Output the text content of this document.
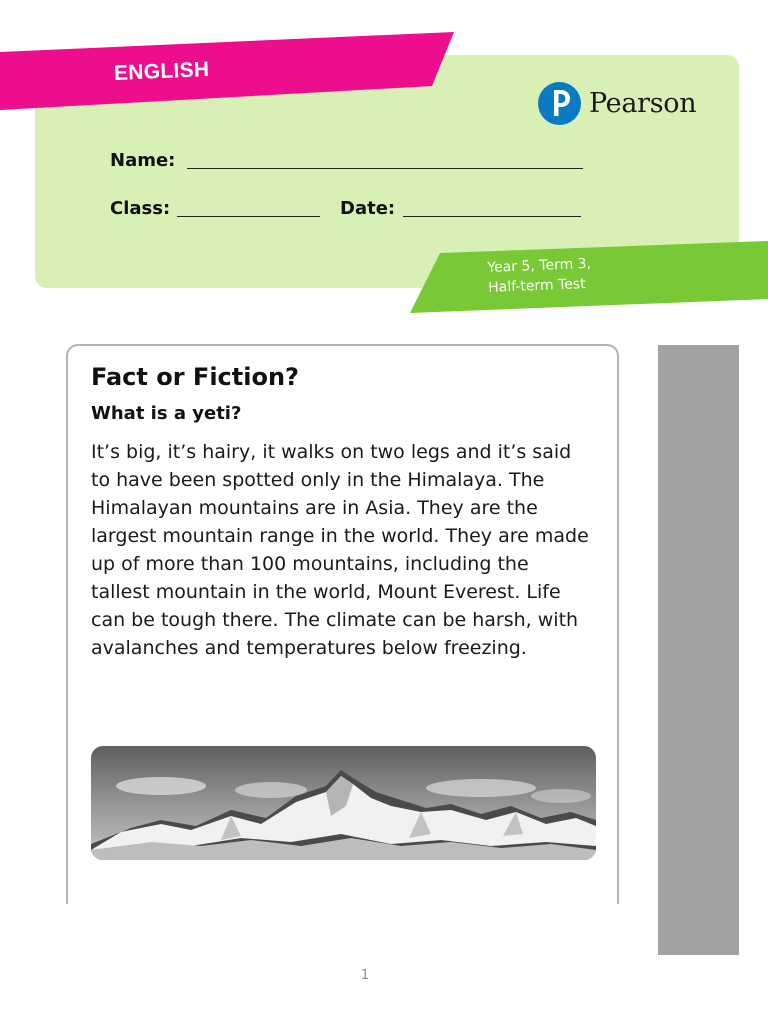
ENGLISH
Pearson
Name:
Class:	Date:
Year 5, Term 3,
Half-term Test
Fact or Fiction?
What is a yeti?

It’s big, it’s hairy, it walks on two legs and it’s said to have been spotted only in the Himalaya. The Himalayan mountains are in Asia. They are the largest mountain range in the world. They are made up of more than 100 mountains, including the tallest mountain in the world, Mount Everest. Life can be tough there. The climate can be harsh, with avalanches and temperatures below freezing.

1
